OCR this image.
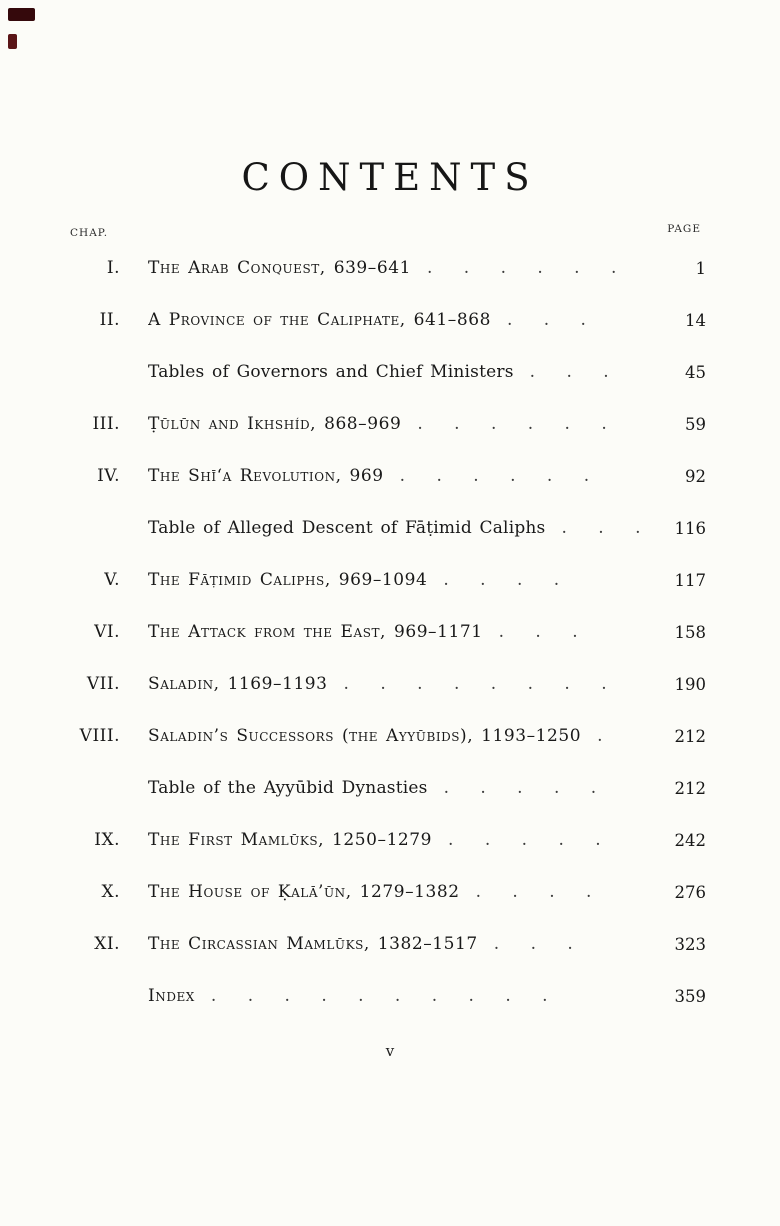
CONTENTS
CHAP.	PAGE
I. The Arab Conquest, 639–641 . . . . . .	1
II. A Province of the Caliphate, 641–868 . . .	14
Tables of Governors and Chief Ministers . . .	45
III. Ṭūlūn and Ikhshíd, 868–969 . . . . . .	59
IV. The Shī‘a Revolution, 969 . . . . . .	92
Table of Alleged Descent of Fāṭimid Caliphs . . . 116
V. The Fāṭimid Caliphs, 969–1094 . . . .	117
VI. The Attack from the East, 969–1171 . . .	158
VII. Saladin, 1169–1193 . . . . . . . .	190
VIII. Saladin’s Successors (the Ayyūbids), 1193–1250 .	212
Table of the Ayyūbid Dynasties . . . . .	212
IX. The First Mamlūks, 1250–1279 . . . . .	242
X. The House of Ḳalā’ūn, 1279–1382 . . . .	276
XI. The Circassian Mamlūks, 1382–1517 . . .	323
Index . . . . . . . . . .	359
v
